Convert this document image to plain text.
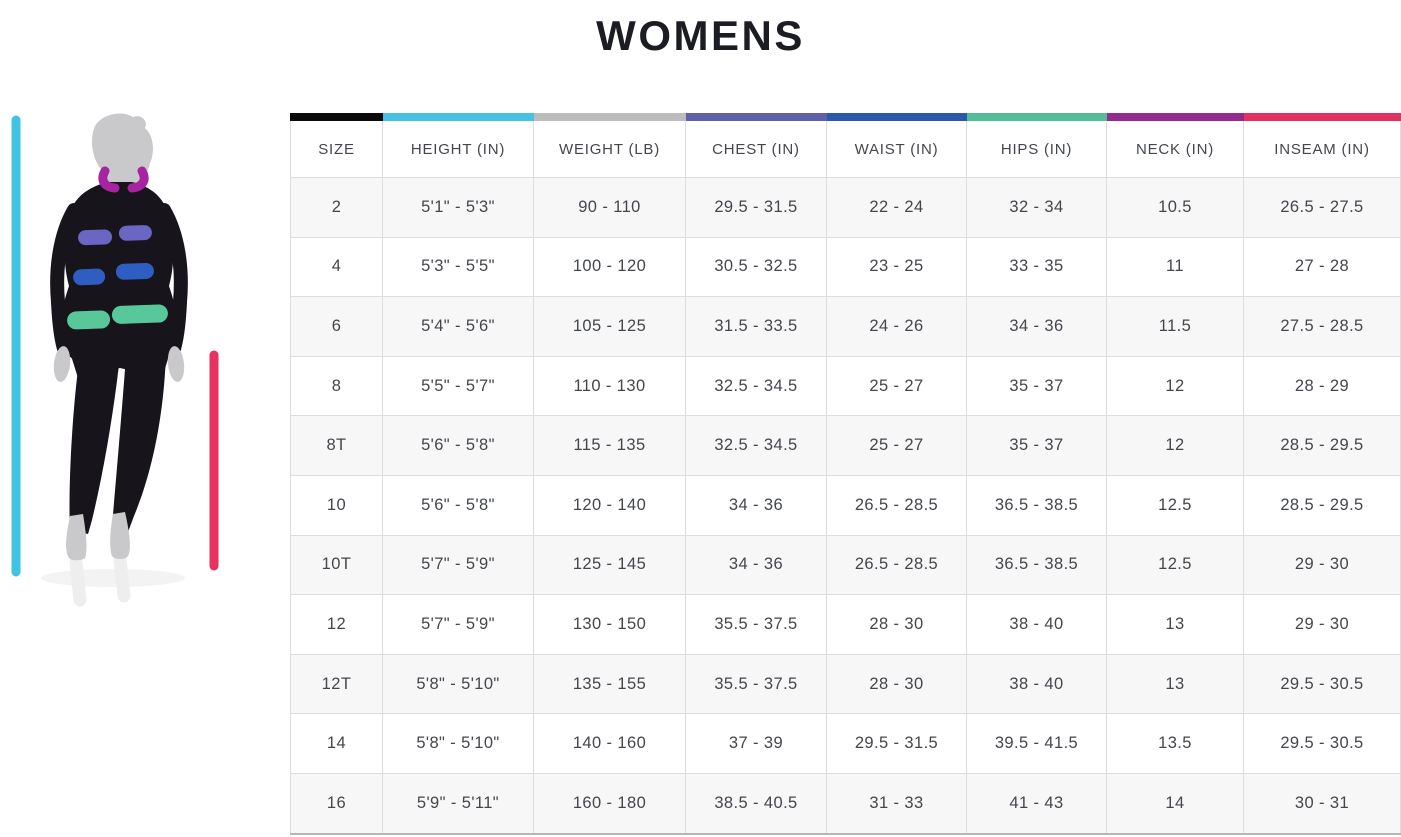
WOMENS
SIZE	HEIGHT (IN)	WEIGHT (LB)	CHEST (IN)	WAIST (IN)	HIPS (IN)	NECK (IN)	INSEAM (IN)
2	5'1" - 5'3"	90 - 110	29.5 - 31.5	22 - 24	32 - 34	10.5	26.5 - 27.5
4	5'3" - 5'5"	100 - 120	30.5 - 32.5	23 - 25	33 - 35	11	27 - 28
6	5'4" - 5'6"	105 - 125	31.5 - 33.5	24 - 26	34 - 36	11.5	27.5 - 28.5
8	5'5" - 5'7"	110 - 130	32.5 - 34.5	25 - 27	35 - 37	12	28 - 29
8T	5'6" - 5'8"	115 - 135	32.5 - 34.5	25 - 27	35 - 37	12	28.5 - 29.5
10	5'6" - 5'8"	120 - 140	34 - 36	26.5 - 28.5	36.5 - 38.5	12.5	28.5 - 29.5
10T	5'7" - 5'9"	125 - 145	34 - 36	26.5 - 28.5	36.5 - 38.5	12.5	29 - 30
12	5'7" - 5'9"	130 - 150	35.5 - 37.5	28 - 30	38 - 40	13	29 - 30
12T	5'8" - 5'10"	135 - 155	35.5 - 37.5	28 - 30	38 - 40	13	29.5 - 30.5
14	5'8" - 5'10"	140 - 160	37 - 39	29.5 - 31.5	39.5 - 41.5	13.5	29.5 - 30.5
16	5'9" - 5'11"	160 - 180	38.5 - 40.5	31 - 33	41 - 43	14	30 - 31
